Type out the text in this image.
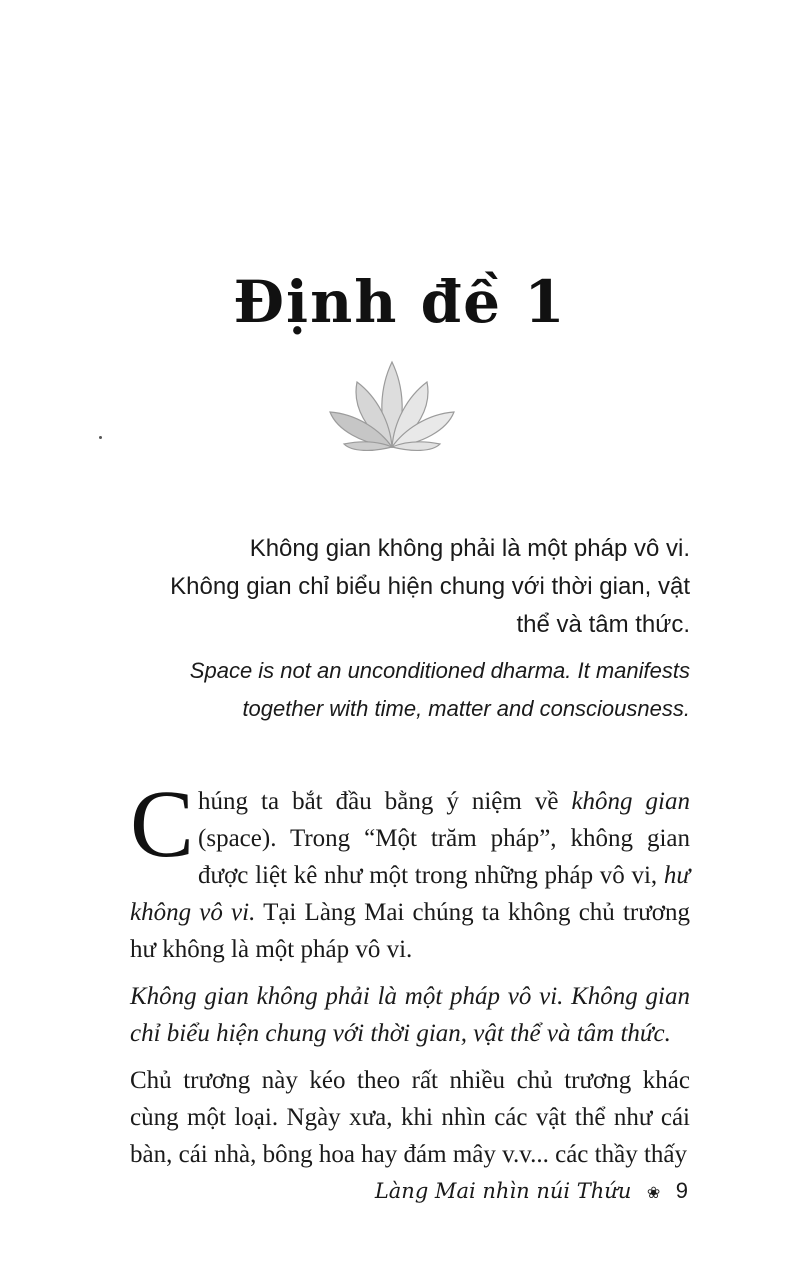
Định đề 1
Không gian không phải là một pháp vô vi.
Không gian chỉ biểu hiện chung với thời gian, vật
thể và tâm thức.
Space is not an unconditioned dharma. It manifests
together with time, matter and consciousness.

Chúng ta bắt đầu bằng ý niệm về không gian (space). Trong “Một trăm pháp”, không gian được liệt kê như một trong những pháp vô vi, hư không vô vi. Tại Làng Mai chúng ta không chủ trương hư không là một pháp vô vi.

Không gian không phải là một pháp vô vi. Không gian chỉ biểu hiện chung với thời gian, vật thể và tâm thức.

Chủ trương này kéo theo rất nhiều chủ trương khác cùng một loại. Ngày xưa, khi nhìn các vật thể như cái bàn, cái nhà, bông hoa hay đám mây v.v... các thầy thấy

Làng Mai nhìn núi Thứu ❀ 9
